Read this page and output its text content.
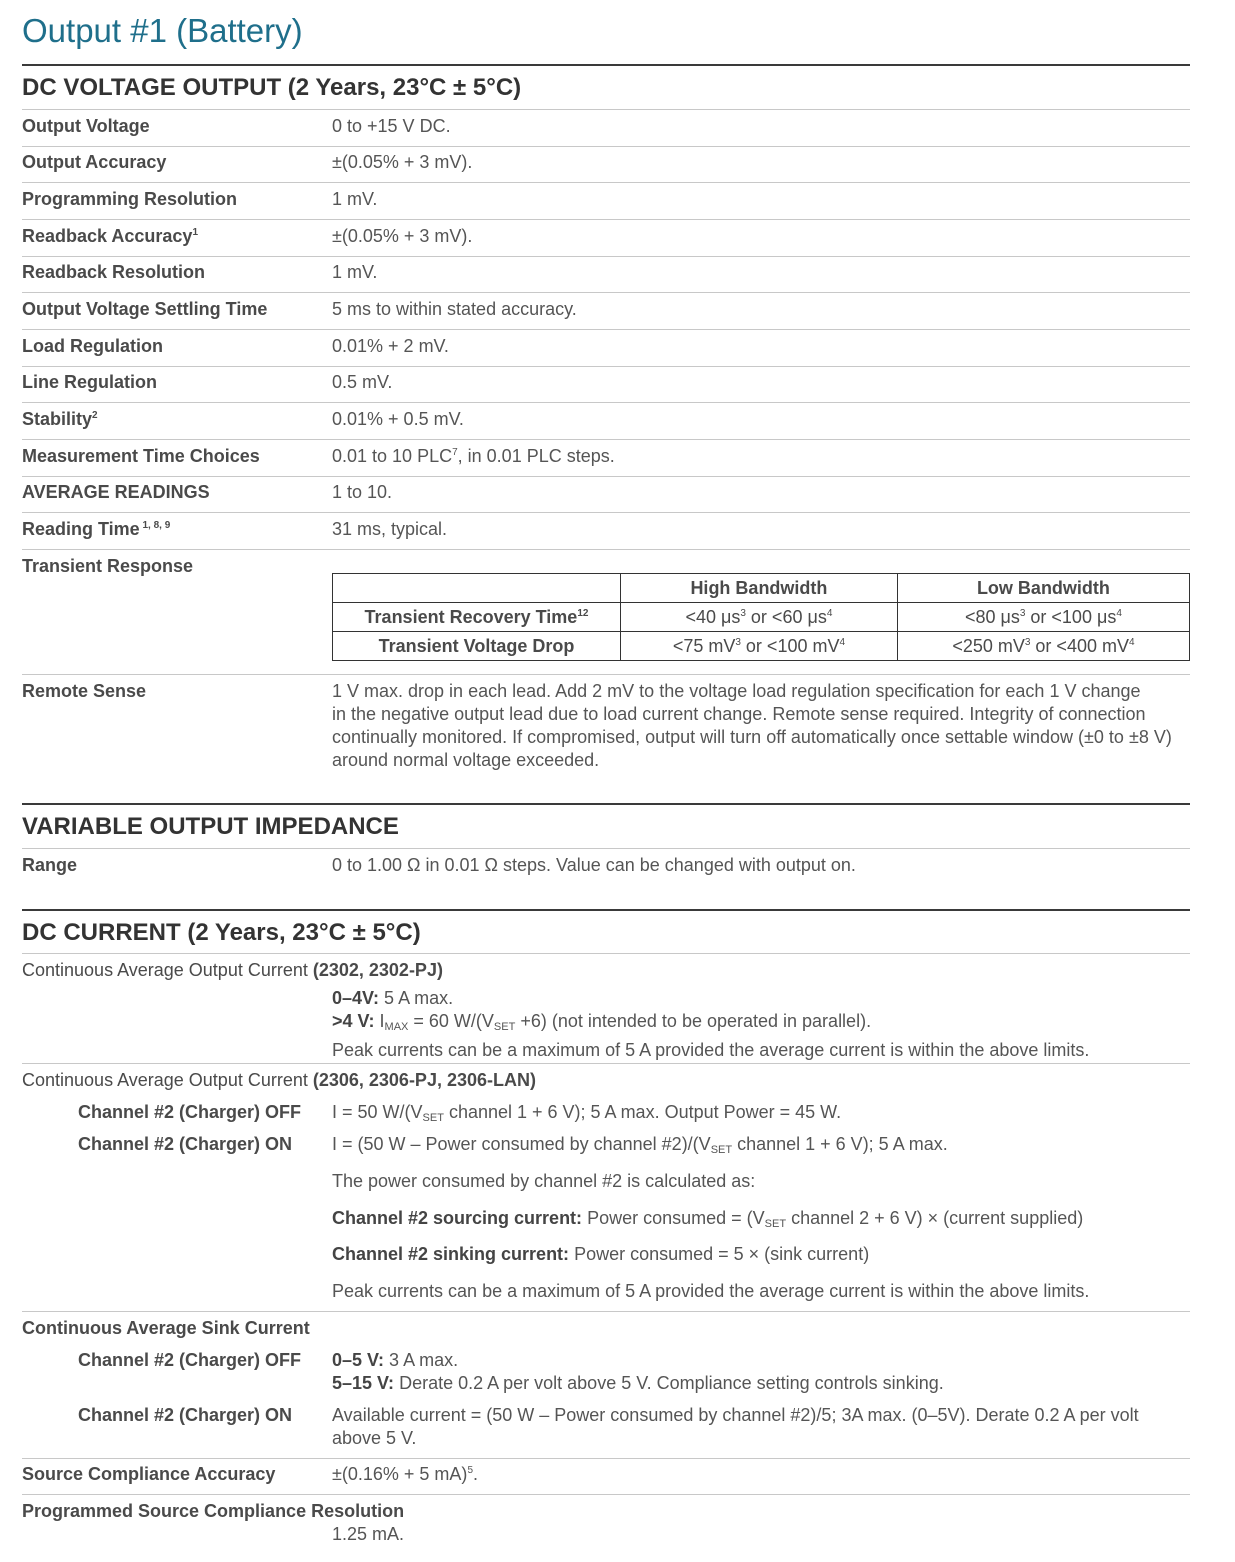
Output #1 (Battery)
DC VOLTAGE OUTPUT (2 Years, 23°C ± 5°C)
Output Voltage	0 to +15 V DC.
Output Accuracy	±(0.05% + 3 mV).
Programming Resolution	1 mV.
Readback Accuracy$^1$	±(0.05% + 3 mV).
Readback Resolution	1 mV.
Output Voltage Settling Time	5 ms to within stated accuracy.
Load Regulation	0.01% + 2 mV.
Line Regulation	0.5 mV.
Stability$^2$	0.01% + 0.5 mV.
Measurement Time Choices	0.01 to 10 PLC$^7$, in 0.01 PLC steps.
AVERAGE READINGS	1 to 10.
Reading Time $^{1, 8, 9}$	31 ms, typical.
Transient Response
	High Bandwidth	Low Bandwidth
Transient Recovery Time$^{12}$	<40 $\mu s^3$ or <60 $\mu s^4$	<80 $\mu s^3$ or <100 $\mu s^4$
Transient Voltage Drop	<75 $mV^3$ or <100 $mV^4$	<250 $mV^3$ or <400 $mV^4$
Remote Sense	1 V max. drop in each lead. Add 2 mV to the voltage load regulation specification for each 1 V change
in the negative output lead due to load current change. Remote sense required. Integrity of connection
continually monitored. If compromised, output will turn off automatically once settable window (±0 to ±8 V)
around normal voltage exceeded.
VARIABLE OUTPUT IMPEDANCE
Range	0 to 1.00 Ω in 0.01 Ω steps. Value can be changed with output on.
DC CURRENT (2 Years, 23°C ± 5°C)
Continuous Average Output Current (2302, 2302-PJ)
0–4V: 5 A max.
>4 V: $I_{MAX} = 60$ $W/(V_{SET} +6)$ (not intended to be operated in parallel).
Peak currents can be a maximum of 5 A provided the average current is within the above limits.
Continuous Average Output Current (2306, 2306-PJ, 2306-LAN)
Channel #2 (Charger) OFF I = 50 $W/(V_{SET}$ channel 1 + 6 V); 5 A max. Output Power = 45 W.
Channel #2 (Charger) ON I = (50 W – Power consumed by channel $\#2)/(V_{SET}$ channel 1 + 6 V); 5 A max.
The power consumed by channel #2 is calculated as:
Channel #2 sourcing current: Power consumed = ($V_{SET}$ channel 2 + 6 V) × (current supplied)
Channel #2 sinking current: Power consumed = 5 × (sink current)
Peak currents can be a maximum of 5 A provided the average current is within the above limits.
Continuous Average Sink Current
Channel #2 (Charger) OFF 0–5 V: 3 A max.
5–15 V: Derate 0.2 A per volt above 5 V. Compliance setting controls sinking.
Channel #2 (Charger) ON Available current = (50 W – Power consumed by channel #2)/5; 3A max. (0–5V). Derate 0.2 A per volt
above 5 V.
Source Compliance Accuracy	±(0.16% + 5 mA)$^5$.
Programmed Source Compliance Resolution
1.25 mA.
